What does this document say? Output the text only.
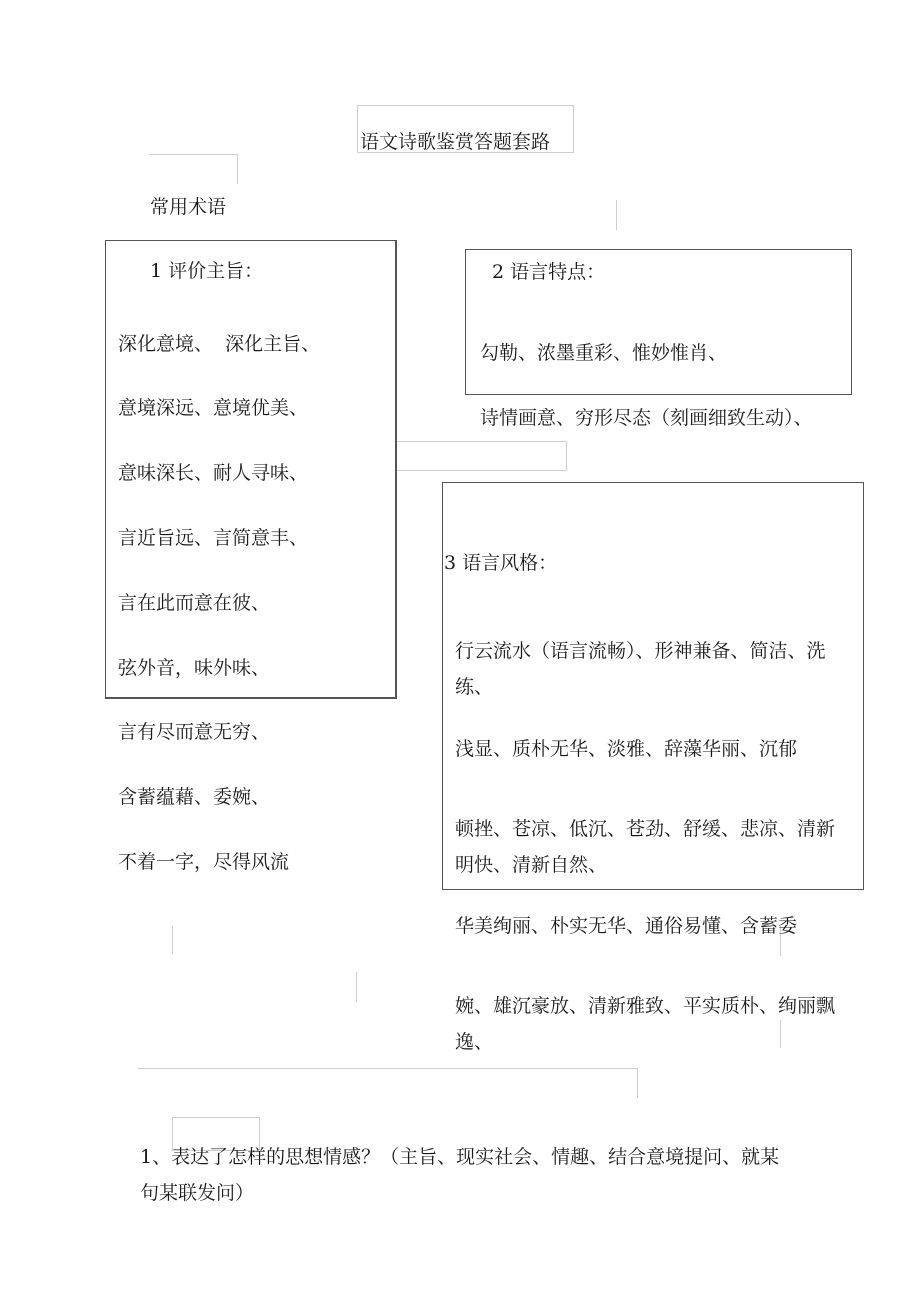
语文诗歌鉴赏答题套路
常用术语
1 评价主旨：
深化意境、  深化主旨、
意境深远、意境优美、
意味深长、耐人寻味、
言近旨远、言简意丰、
言在此而意在彼、
弦外音，味外味、
言有尽而意无穷、
含蓄蕴藉、委婉、
不着一字，尽得风流
2 语言特点：
勾勒、浓墨重彩、惟妙惟肖、
诗情画意、穷形尽态（刻画细致生动）、
3 语言风格：
行云流水（语言流畅）、形神兼备、简洁、洗练、
浅显、质朴无华、淡雅、辞藻华丽、沉郁
顿挫、苍凉、低沉、苍劲、舒缓、悲凉、清新明快、清新自然、
华美绚丽、朴实无华、通俗易懂、含蓄委
婉、雄沉豪放、清新雅致、平实质朴、绚丽飘逸、
1、表达了怎样的思想情感？（主旨、现实社会、情趣、结合意境提问、就某句某联发问）
